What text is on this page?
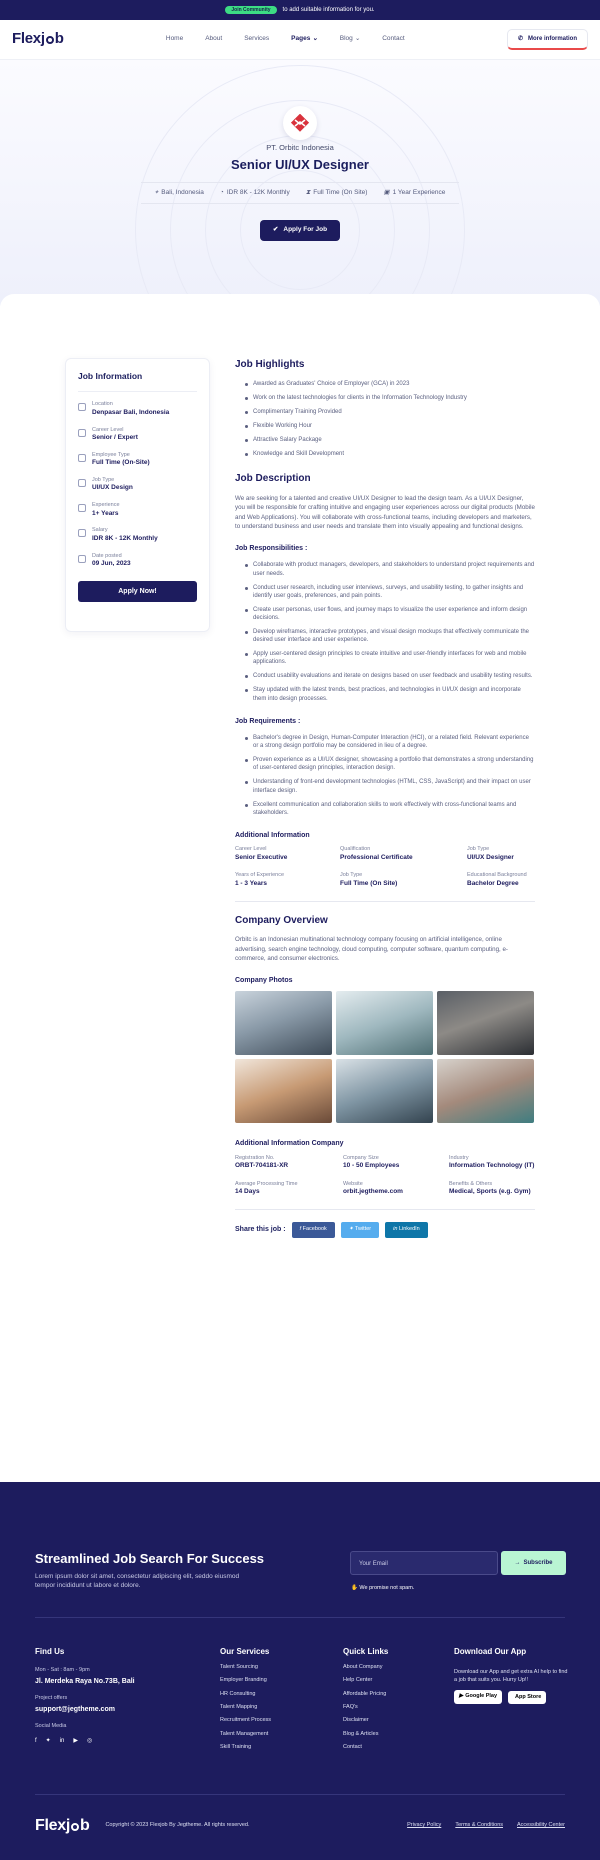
Join Community	to add suitable information for you.
Flexj b	Home	About	Services	Pages ⌄	Blog ⌄	Contact	✆ More information
PT. Orbitc Indonesia
Senior UI/UX Designer
⌖ Bali, Indonesia ◔ IDR 8K - 12K Monthly ⧗ Full Time (On Site) ▣ 1 Year Experience
✔ Apply For Job
Job Information
Location
Denpasar Bali, Indonesia
Career Level
Senior / Expert
Employee Type
Full Time (On-Site)
Job Type
UI/UX Design
Experience
1+ Years
Salary
IDR 8K - 12K Monthly
Date posted
09 Jun, 2023
Apply Now!
Job Highlights
Awarded as Graduates' Choice of Employer (GCA) in 2023
Work on the latest technologies for clients in the Information Technology Industry
Complimentary Training Provided
Flexible Working Hour
Attractive Salary Package
Knowledge and Skill Development
Job Description

We are seeking for a talented and creative UI/UX Designer to lead the design team. As a UI/UX Designer, you will be responsible for crafting intuitive and engaging user experiences across our digital products (Mobile and Web Applications). You will collaborate with cross-functional teams, including developers and marketers, to understand business and user needs and translate them into visually appealing and functional designs.

Job Responsibilities :
Collaborate with product managers, developers, and stakeholders to understand project requirements and user needs.
Conduct user research, including user interviews, surveys, and usability testing, to gather insights and identify user goals, preferences, and pain points.
Create user personas, user flows, and journey maps to visualize the user experience and inform design decisions.
Develop wireframes, interactive prototypes, and visual design mockups that effectively communicate the desired user interface and user experience.
Apply user-centered design principles to create intuitive and user-friendly interfaces for web and mobile applications.
Conduct usability evaluations and iterate on designs based on user feedback and usability testing results.
Stay updated with the latest trends, best practices, and technologies in UI/UX design and incorporate them into design processes.
Job Requirements :
Bachelor's degree in Design, Human-Computer Interaction (HCI), or a related field. Relevant experience or a strong design portfolio may be considered in lieu of a degree.
Proven experience as a UI/UX designer, showcasing a portfolio that demonstrates a strong understanding of user-centered design principles, interaction design.
Understanding of front-end development technologies (HTML, CSS, JavaScript) and their impact on user interface design.
Excellent communication and collaboration skills to work effectively with cross-functional teams and stakeholders.
Additional Information
Career Level
Senior Executive
Qualification
Professional Certificate
Job Type
UI/UX Designer
Years of Experience
1 - 3 Years
Job Type
Full Time (On Site)
Educational Background
Bachelor Degree
Company Overview

Orbitc is an Indonesian multinational technology company focusing on artificial intelligence, online advertising, search engine technology, cloud computing, computer software, quantum computing, e-commerce, and consumer electronics.

Company Photos
Additional Information Company
Registration No.
ORBT-704181-XR
Company Size
10 - 50 Employees
Industry
Information Technology (IT)
Average Processing Time
14 Days
Website
orbit.jegtheme.com
Benefits & Others
Medical, Sports (e.g. Gym)
Share this job :	f Facebook	✦ Twitter	in LinkedIn
Streamlined Job Search For Success

Lorem ipsum dolor sit amet, consectetur adipiscing elit, seddo eiusmod tempor incididunt ut labore et dolore.

Your Email	→ Subscribe
✋ We promise not spam.
Find Us
Mon - Sat : 8am - 9pm
Jl. Merdeka Raya No.73B, Bali
Project offers
support@jegtheme.com
Social Media
f ✦ in ▶ ◎
Our Services
Talent Sourcing
Employer Branding
HR Consulting
Talent Mapping
Recruitment Process
Talent Management
Skill Training
Quick Links
About Company
Help Center
Affordable Pricing
FAQ's
Disclaimer
Blog & Articles
Contact
Download Our App
Download our App and get extra AI help to find a job that suits you. Hurry Up!!
▶ Google Play
	App Store
Flexj b	Copyright © 2023 Flexjob By Jegtheme. All rights reserved.	Privacy Policy	Terms & Conditions	Accessibility Center
